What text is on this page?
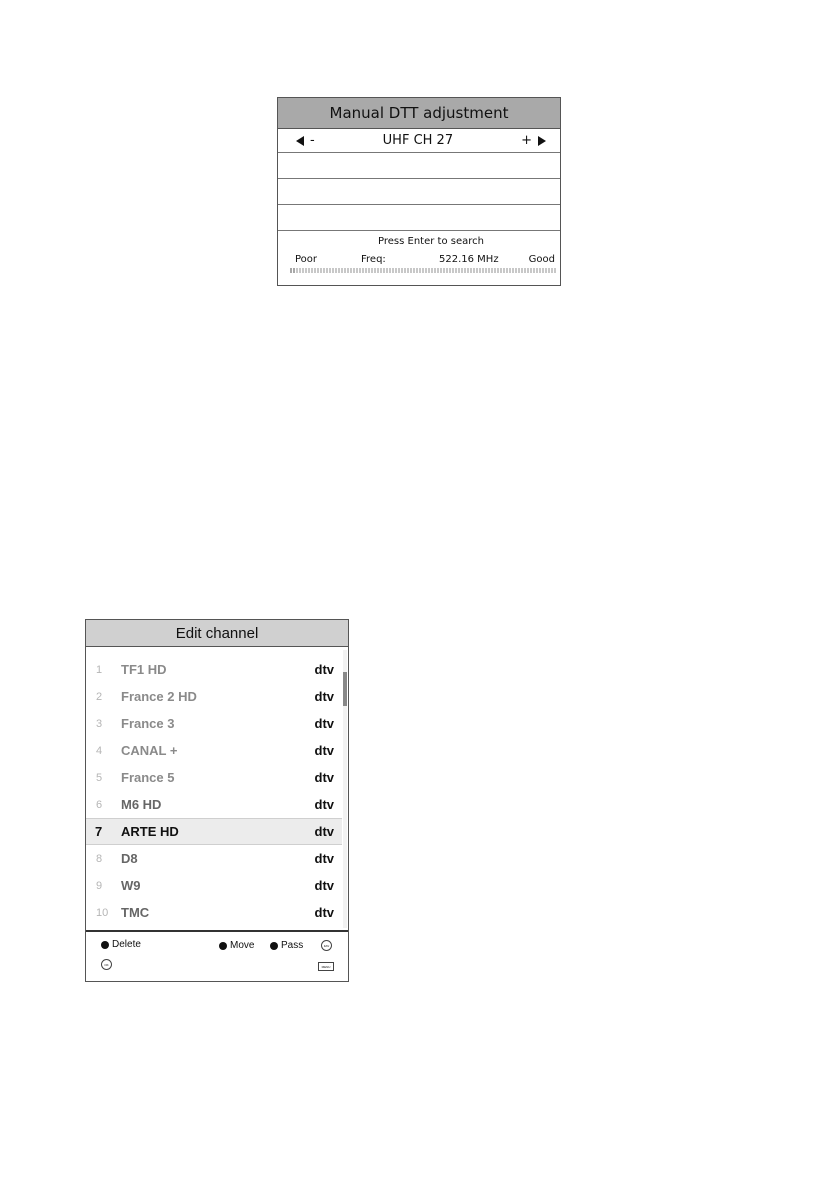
Manual DTT adjustment
-	UHF CH 27	+
Press Enter to search
Poor	Freq:	522.16 MHz	Good
Edit channel
1 TF1 HD	dtv
2 France 2 HD	dtv
3 France 3	dtv
4 CANAL +	dtv
5 France 5	dtv
6 M6 HD	dtv
7 ARTE HD	dtv
8 D8	dtv
9 W9	dtv
10 TMC	dtv
Delete	Move	Pass	FAV
OK	MENU
